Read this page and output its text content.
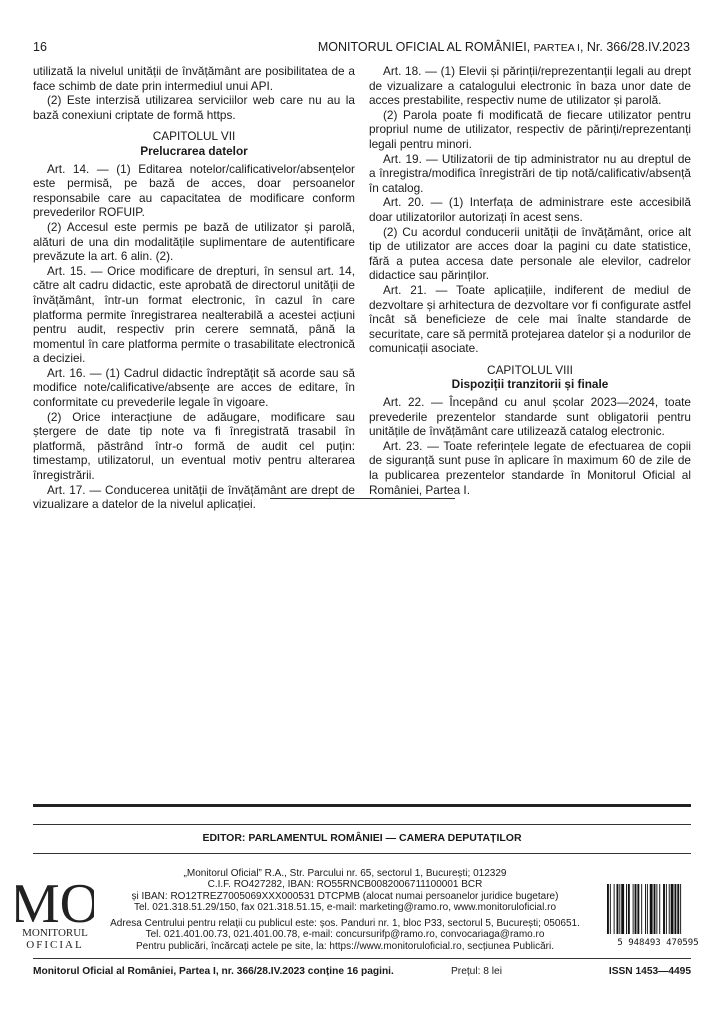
16	MONITORUL OFICIAL AL ROMÂNIEI, PARTEA I, Nr. 366/28.IV.2023

utilizată la nivelul unității de învățământ are posibilitatea de a face schimb de date prin intermediul unui API.

(2) Este interzisă utilizarea serviciilor web care nu au la bază conexiuni criptate de formă https.

CAPITOLUL VII

Prelucrarea datelor

Art. 14. — (1) Editarea notelor/calificativelor/absențelor este permisă, pe bază de acces, doar persoanelor responsabile care au capacitatea de modificare conform prevederilor ROFUIP.

(2) Accesul este permis pe bază de utilizator și parolă, alături de una din modalitățile suplimentare de autentificare prevăzute la art. 6 alin. (2).

Art. 15. — Orice modificare de drepturi, în sensul art. 14, către alt cadru didactic, este aprobată de directorul unității de învățământ, într-un format electronic, în cazul în care platforma permite înregistrarea nealterabilă a acestei acțiuni pentru audit, respectiv prin cerere semnată, până la momentul în care platforma permite o trasabilitate electronică a deciziei.

Art. 16. — (1) Cadrul didactic îndreptățit să acorde sau să modifice note/calificative/absențe are acces de editare, în conformitate cu prevederile legale în vigoare.

(2) Orice interacțiune de adăugare, modificare sau ștergere de date tip note va fi înregistrată trasabil în platformă, păstrând într-o formă de audit cel puțin: timestamp, utilizatorul, un eventual motiv pentru alterarea înregistrării.

Art. 17. — Conducerea unității de învățământ are drept de vizualizare a datelor de la nivelul aplicației.

Art. 18. — (1) Elevii și părinții/reprezentanții legali au drept de vizualizare a catalogului electronic în baza unor date de acces prestabilite, respectiv nume de utilizator și parolă.

(2) Parola poate fi modificată de fiecare utilizator pentru propriul nume de utilizator, respectiv de părinți/reprezentanți legali pentru minori.

Art. 19. — Utilizatorii de tip administrator nu au dreptul de a înregistra/modifica înregistrări de tip notă/calificativ/absență în catalog.

Art. 20. — (1) Interfața de administrare este accesibilă doar utilizatorilor autorizați în acest sens.

(2) Cu acordul conducerii unității de învățământ, orice alt tip de utilizator are acces doar la pagini cu date statistice, fără a putea accesa date personale ale elevilor, cadrelor didactice sau părinților.

Art. 21. — Toate aplicațiile, indiferent de mediul de dezvoltare și arhitectura de dezvoltare vor fi configurate astfel încât să beneficieze de cele mai înalte standarde de securitate, care să permită protejarea datelor și a nodurilor de comunicații asociate.

CAPITOLUL VIII

Dispoziții tranzitorii și finale

Art. 22. — Începând cu anul școlar 2023—2024, toate prevederile prezentelor standarde sunt obligatorii pentru unitățile de învățământ care utilizează catalog electronic.

Art. 23. — Toate referințele legate de efectuarea de copii de siguranță sunt puse în aplicare în maximum 60 de zile de la publicarea prezentelor standarde în Monitorul Oficial al României, Partea I.

EDITOR: PARLAMENTUL ROMÂNIEI — CAMERA DEPUTAȚILOR
MO
MONITORUL
OFICIAL
„Monitorul Oficial” R.A., Str. Parcului nr. 65, sectorul 1, București; 012329
C.I.F. RO427282, IBAN: RO55RNCB0082006711100001 BCR
și IBAN: RO12TREZ7005069XXX000531 DTCPMB (alocat numai persoanelor juridice bugetare)
Tel. 021.318.51.29/150, fax 021.318.51.15, e-mail: marketing@ramo.ro, www.monitoruloficial.ro
Adresa Centrului pentru relații cu publicul este: șos. Panduri nr. 1, bloc P33, sectorul 5, București; 050651.
Tel. 021.401.00.73, 021.401.00.78, e-mail: concursurifp@ramo.ro, convocariaga@ramo.ro
Pentru publicări, încărcați actele pe site, la: https://www.monitoruloficial.ro, secțiunea Publicări.	5 948493 470595
Monitorul Oficial al României, Partea I, nr. 366/28.IV.2023 conține 16 pagini.	Prețul: 8 lei	ISSN 1453—4495
